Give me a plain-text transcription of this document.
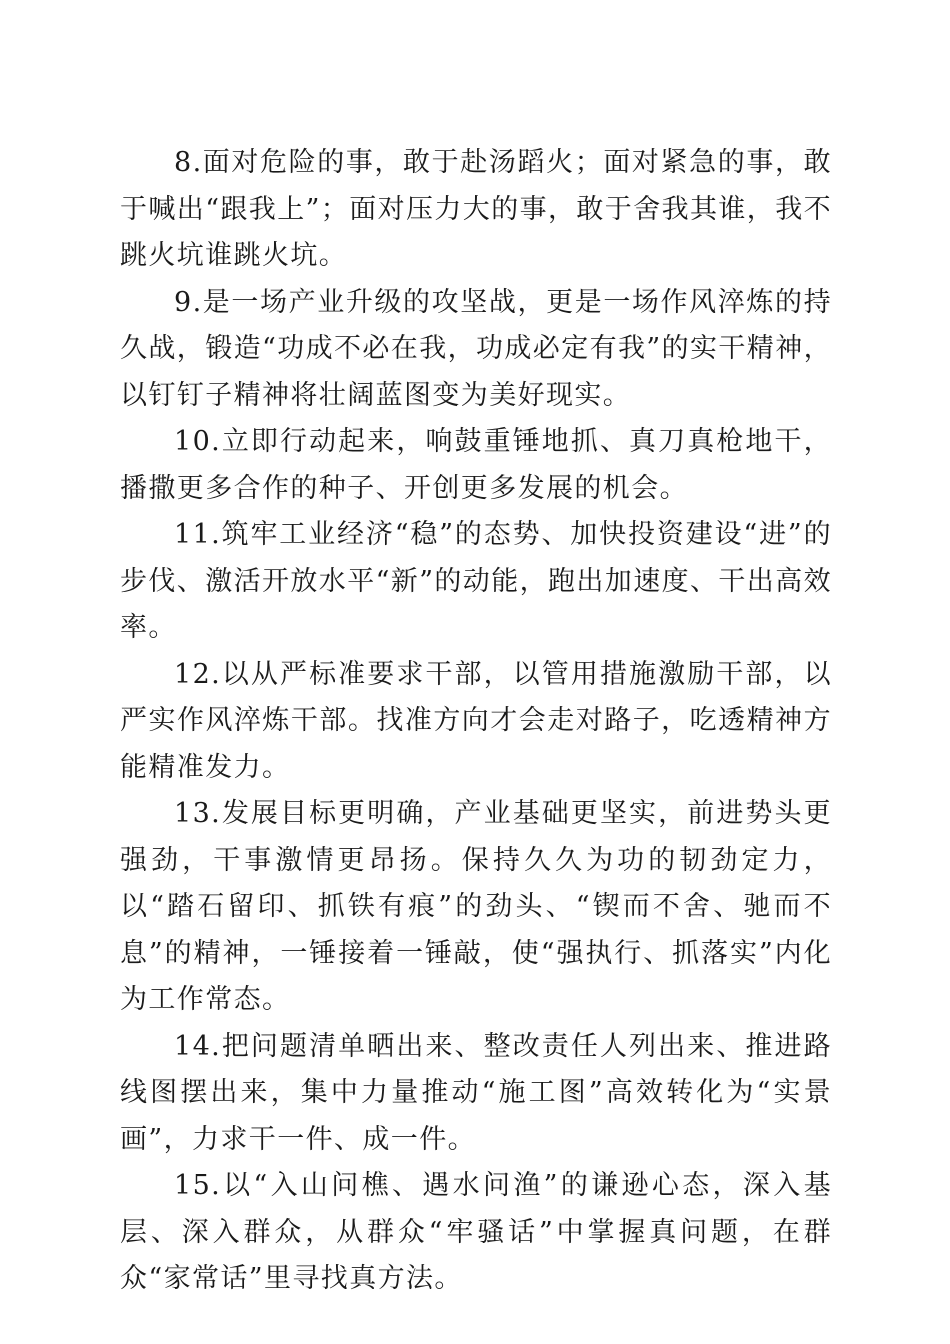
8.面对危险的事，敢于赴汤蹈火；面对紧急的事，敢于喊出“跟我上”；面对压力大的事，敢于舍我其谁，我不跳火坑谁跳火坑。

9.是一场产业升级的攻坚战，更是一场作风淬炼的持久战，锻造“功成不必在我，功成必定有我”的实干精神，以钉钉子精神将壮阔蓝图变为美好现实。

10.立即行动起来，响鼓重锤地抓、真刀真枪地干，播撒更多合作的种子、开创更多发展的机会。

11.筑牢工业经济“稳”的态势、加快投资建设“进”的步伐、激活开放水平“新”的动能，跑出加速度、干出高效率。

12.以从严标准要求干部，以管用措施激励干部，以严实作风淬炼干部。找准方向才会走对路子，吃透精神方能精准发力。

13.发展目标更明确，产业基础更坚实，前进势头更强劲，干事激情更昂扬。保持久久为功的韧劲定力，以“踏石留印、抓铁有痕”的劲头、“锲而不舍、驰而不息”的精神，一锤接着一锤敲，使“强执行、抓落实”内化为工作常态。

14.把问题清单晒出来、整改责任人列出来、推进路线图摆出来，集中力量推动“施工图”高效转化为“实景画”，力求干一件、成一件。

15.以“入山问樵、遇水问渔”的谦逊心态，深入基层、深入群众，从群众“牢骚话”中掌握真问题，在群众“家常话”里寻找真方法。
